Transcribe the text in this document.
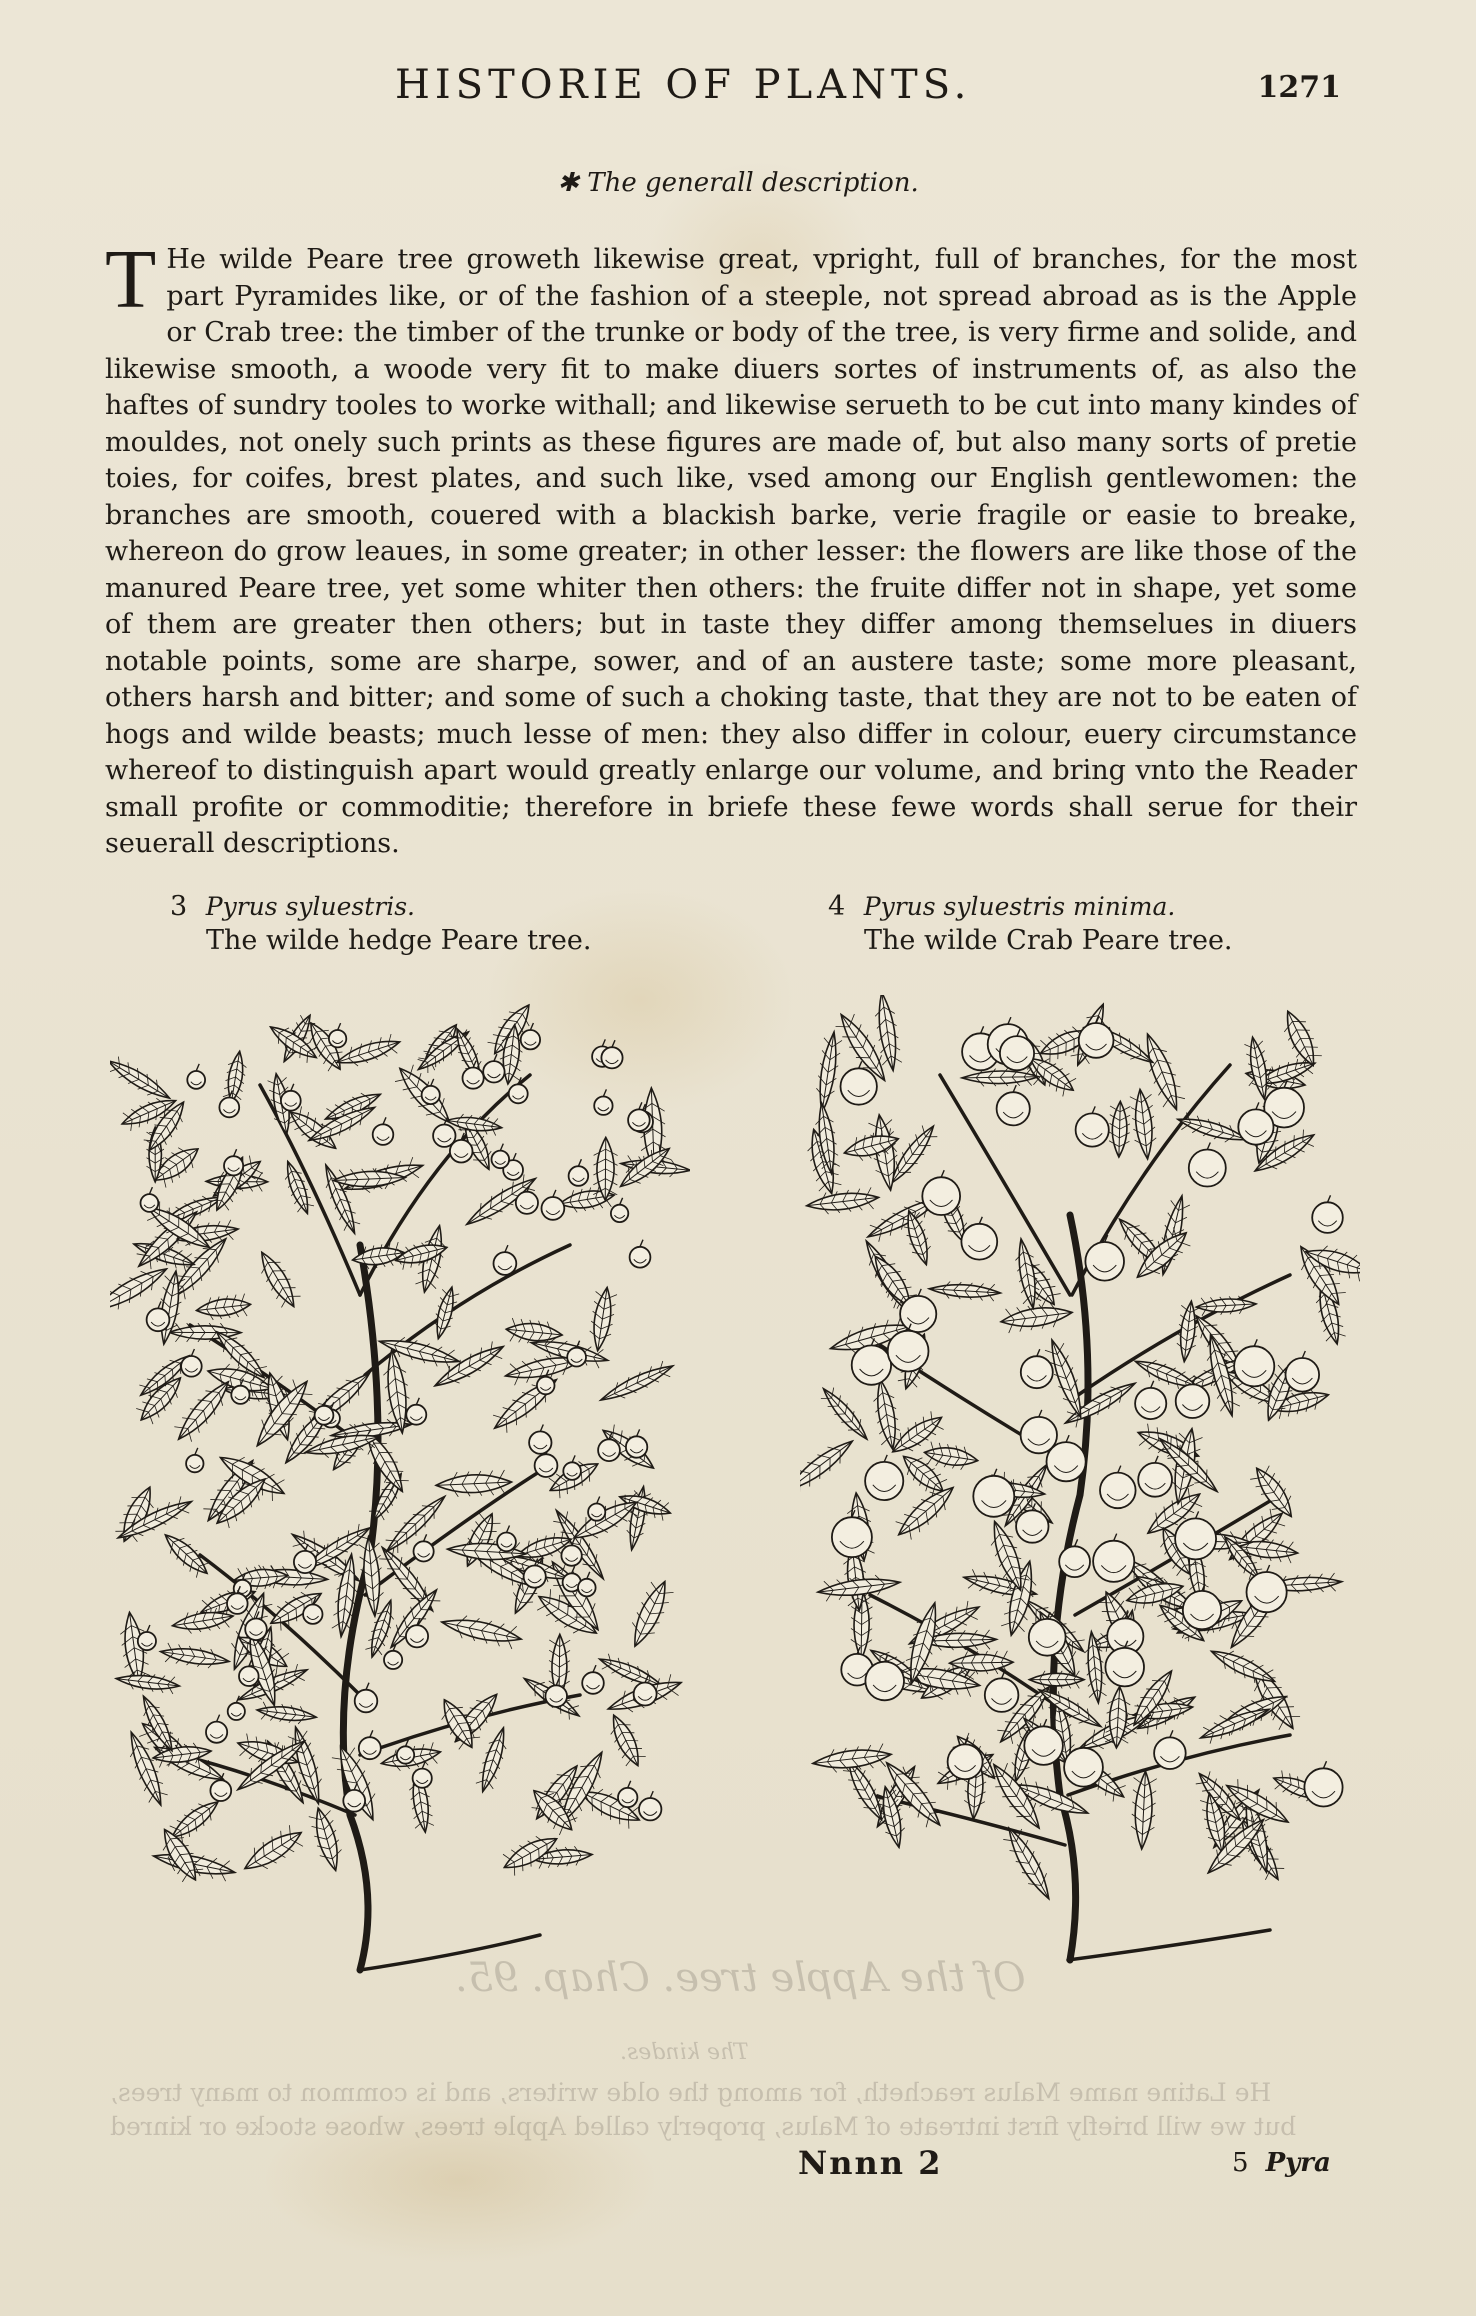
HISTORIE OF PLANTS.	1271
✱ The generall description.
T He wilde Peare tree groweth likewise great, vpright, full of branches, for the most part Pyramides like, or of the fashion of a steeple, not spread abroad as is the Apple or Crab tree: the timber of the trunke or body of the tree, is very firme and solide, and likewise smooth, a woode very fit to make diuers sortes of instruments of, as also the haftes of sundry tooles to worke withall; and likewise serueth to be cut into many kindes of mouldes, not onely such prints as these figures are made of, but also many sorts of pretie toies, for coifes, brest plates, and such like, vsed among our English gentlewomen: the branches are smooth, couered with a blackish barke, verie fragile or easie to breake, whereon do grow leaues, in some greater; in other lesser: the flowers are like those of the manured Peare tree, yet some whiter then others: the fruite differ not in shape, yet some of them are greater then others; but in taste they differ among themselues in diuers notable points, some are sharpe, sower, and of an austere taste; some more pleasant, others harsh and bitter; and some of such a choking taste, that they are not to be eaten of hogs and wilde beasts; much lesse of men: they also differ in colour, euery circumstance whereof to distinguish apart would greatly enlarge our volume, and bring vnto the Reader small profite or commoditie; therefore in briefe these fewe words shall serue for their seuerall descriptions.
3 Pyrus syluestris.
The wilde hedge Peare tree.
4 Pyrus syluestris minima.
The wilde Crab Peare tree.
Of the Apple tree. Chap. 95.
The kindes.
He Latine name Malus reacheth, for among the olde writers, and is common to many trees,
but we will briefly first intreate of Malus, properly called Apple trees, whose stocke or kinred
Nnnn 2	5 Pyra
